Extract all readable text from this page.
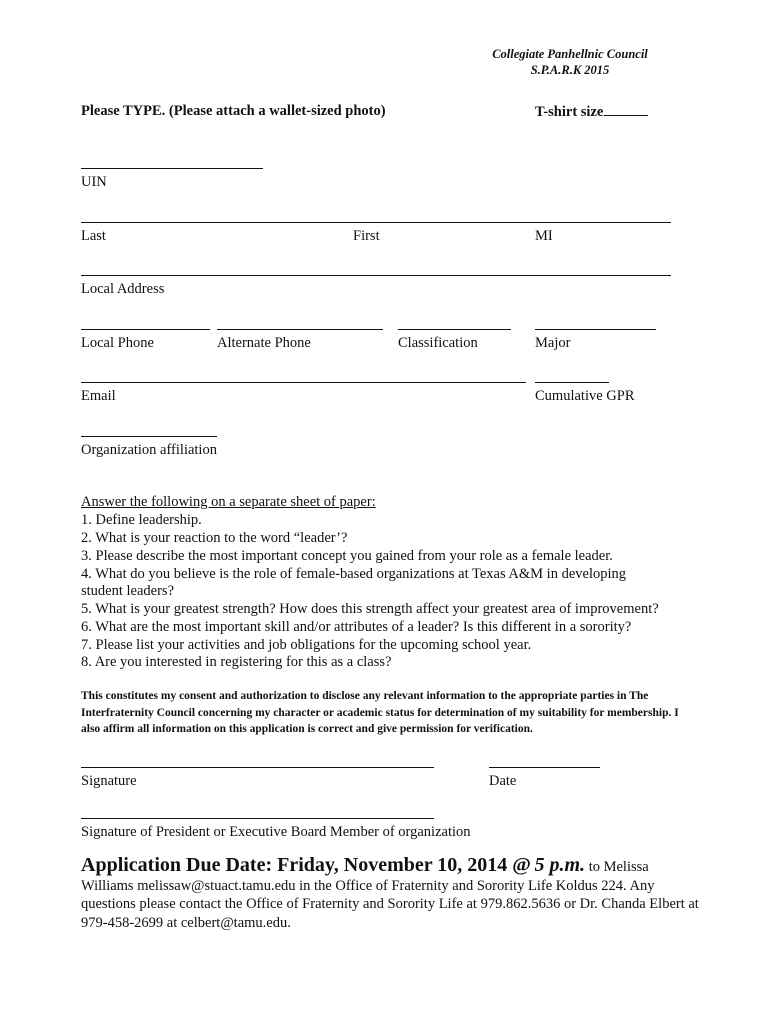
Collegiate Panhellnic Council
S.P.A.R.K 2015
Please TYPE. (Please attach a wallet-sized photo)	T-shirt size
UIN
Last	First	MI
Local Address
Local Phone	Alternate Phone	Classification	Major
Email	Cumulative GPR
Organization affiliation
Answer the following on a separate sheet of paper:
1. Define leadership.
2. What is your reaction to the word “leader’?
3. Please describe the most important concept you gained from your role as a female leader.
4. What do you believe is the role of female-based organizations at Texas A&M in developing
student leaders?
5. What is your greatest strength? How does this strength affect your greatest area of improvement?
6. What are the most important skill and/or attributes of a leader? Is this different in a sorority?
7. Please list your activities and job obligations for the upcoming school year.
8. Are you interested in registering for this as a class?
This constitutes my consent and authorization to disclose any relevant information to the appropriate parties in The Interfraternity Council concerning my character or academic status for determination of my suitability for membership. I also affirm all information on this application is correct and give permission for verification.
Signature	Date
Signature of President or Executive Board Member of organization
Application Due Date: Friday, November 10, 2014 @ 5 p.m. to Melissa Williams melissaw@stuact.tamu.edu in the Office of Fraternity and Sorority Life Koldus 224. Any questions please contact the Office of Fraternity and Sorority Life at 979.862.5636 or Dr. Chanda Elbert at 979-458-2699 at celbert@tamu.edu.
